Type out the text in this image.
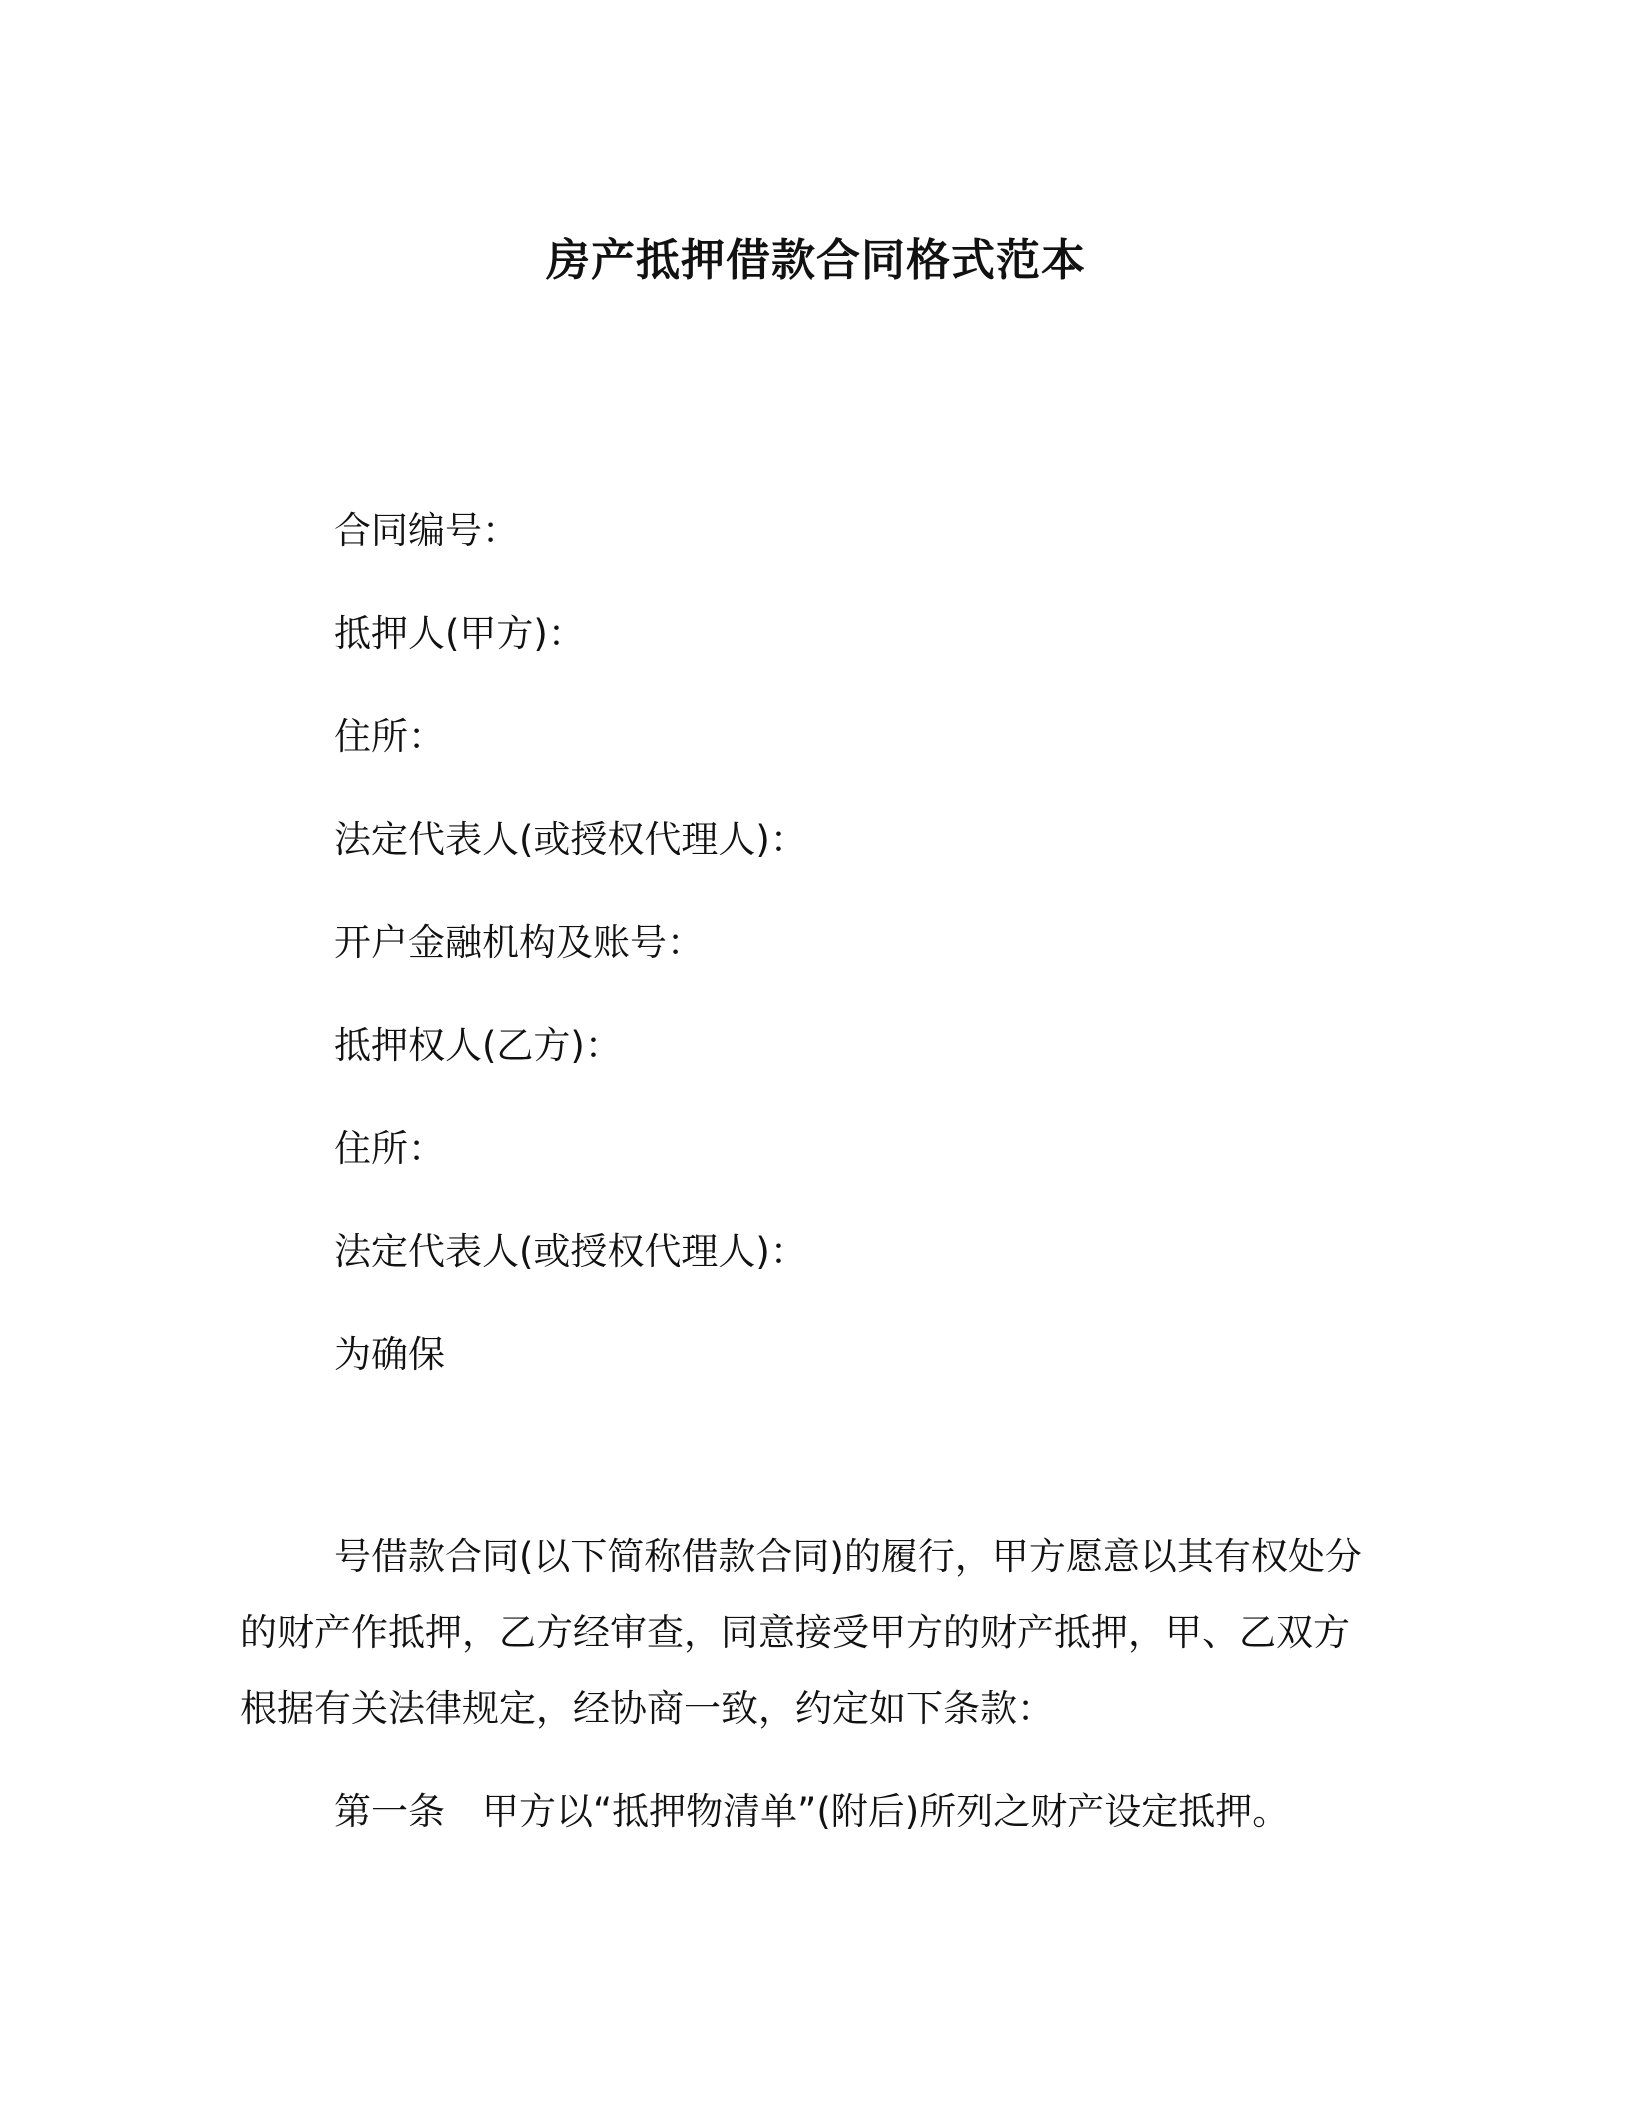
房产抵押借款合同格式范本

合同编号：

抵押人(甲方)：

住所：

法定代表人(或授权代理人)：

开户金融机构及账号：

抵押权人(乙方)：

住所：

法定代表人(或授权代理人)：

为确保

号借款合同(以下简称借款合同)的履行，甲方愿意以其有权处分

的财产作抵押，乙方经审查，同意接受甲方的财产抵押，甲、乙双方

根据有关法律规定，经协商一致，约定如下条款：

第一条　甲方以“抵押物清单”(附后)所列之财产设定抵押。
